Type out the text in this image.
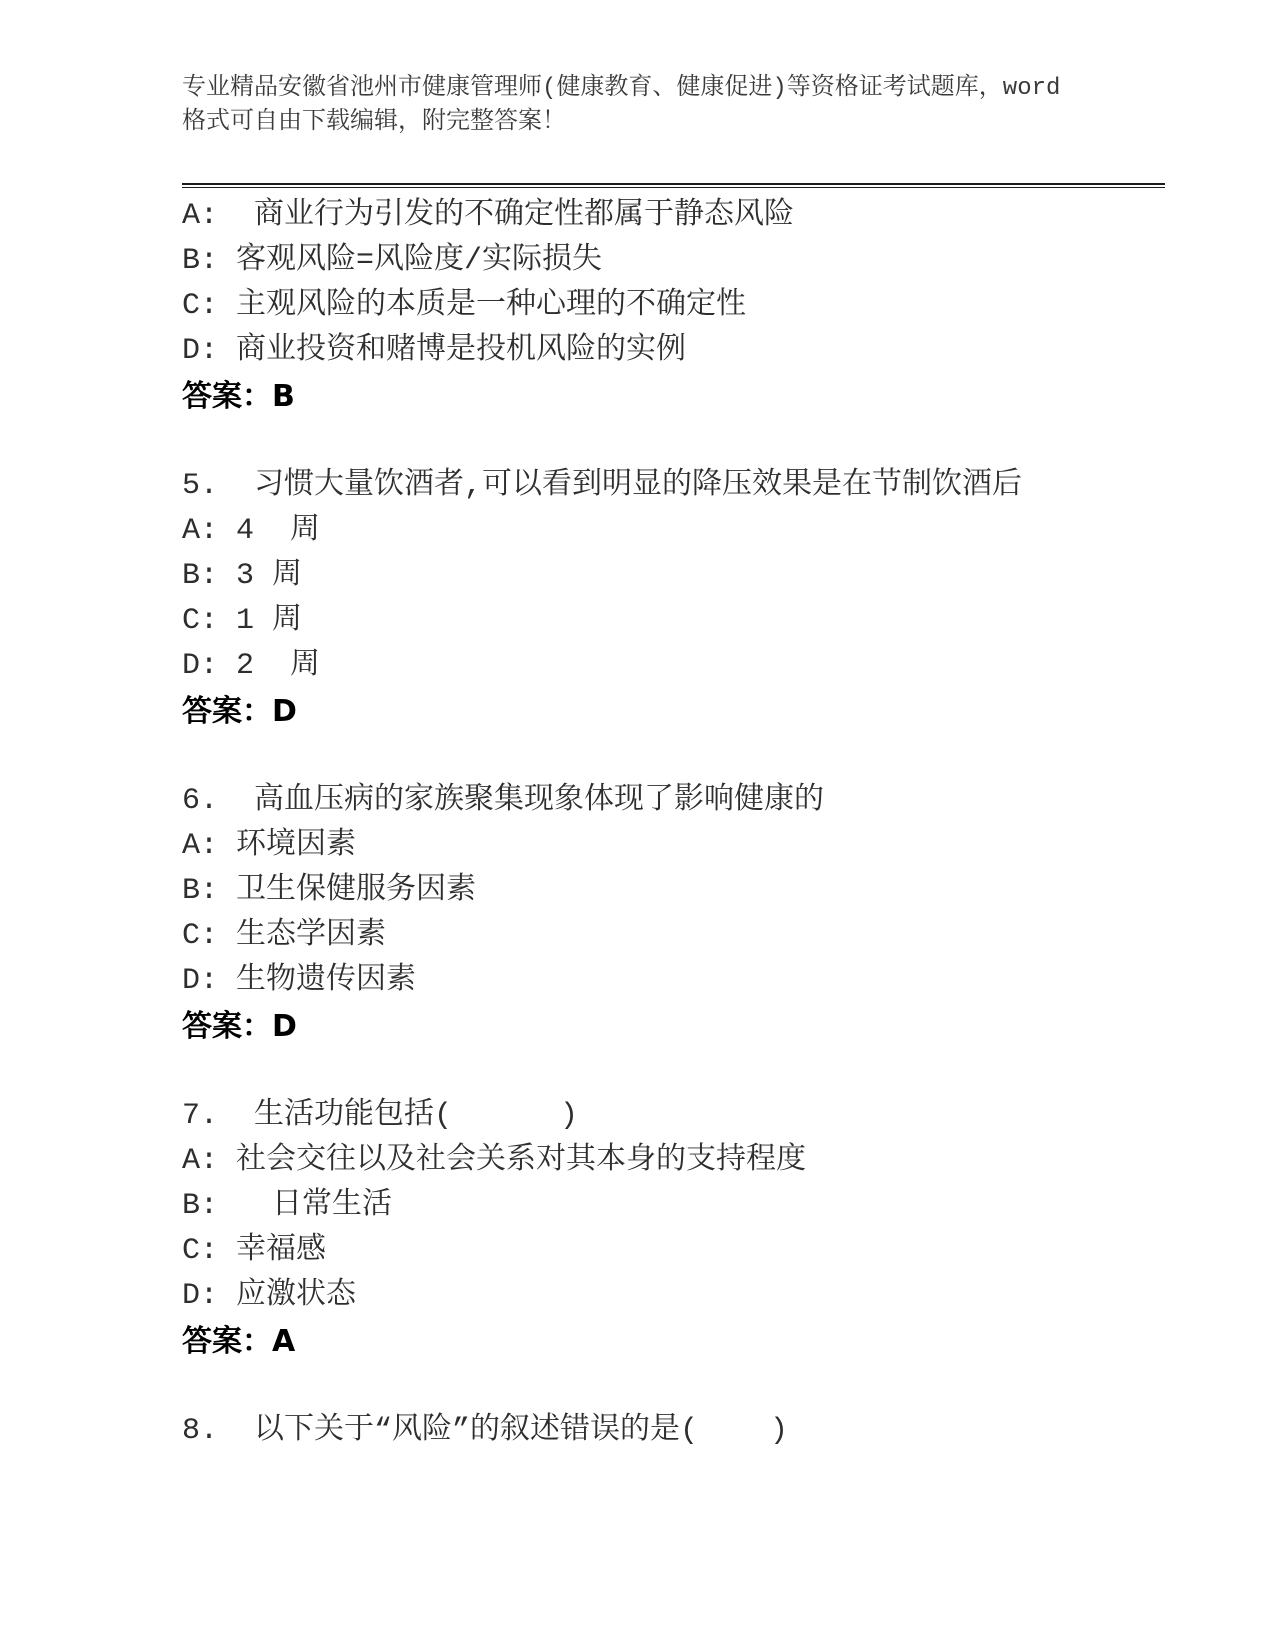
专业精品安徽省池州市健康管理师(健康教育、健康促进)等资格证考试题库，word

格式可自由下载编辑，附完整答案！

A:  商业行为引发的不确定性都属于静态风险

B: 客观风险=风险度/实际损失

C: 主观风险的本质是一种心理的不确定性

D: 商业投资和赌博是投机风险的实例

答案：B

5.  习惯大量饮酒者,可以看到明显的降压效果是在节制饮酒后

A: 4  周

B: 3 周

C: 1 周

D: 2  周

答案：D

6.  高血压病的家族聚集现象体现了影响健康的

A: 环境因素

B: 卫生保健服务因素

C: 生态学因素

D: 生物遗传因素

答案：D

7.  生活功能包括(      )

A: 社会交往以及社会关系对其本身的支持程度

B:   日常生活

C: 幸福感

D: 应激状态

答案：A

8.  以下关于“风险”的叙述错误的是(    )
